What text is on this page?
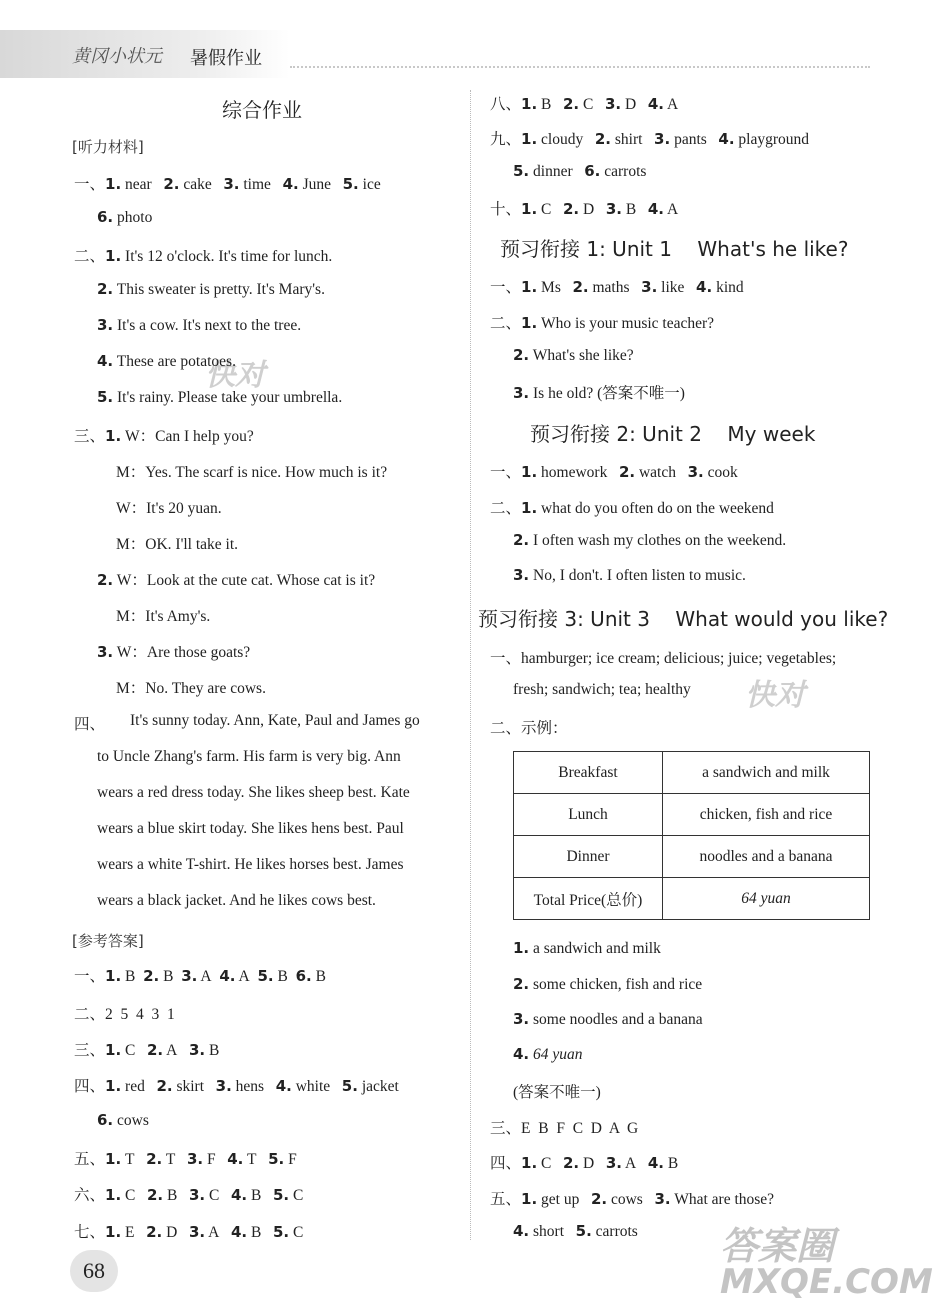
黄冈小状元 暑假作业
快对
快对
答案圈
MXQE.COM
综合作业
[听力材料]
一、1. near 2. cake 3. time 4. June 5. ice
6. photo
二、1. It's 12 o'clock. It's time for lunch.
2. This sweater is pretty. It's Mary's.
3. It's a cow. It's next to the tree.
4. These are potatoes.
5. It's rainy. Please take your umbrella.
三、1. W：Can I help you?
M：Yes. The scarf is nice. How much is it?
W：It's 20 yuan.
M：OK. I'll take it.
2. W：Look at the cute cat. Whose cat is it?
M：It's Amy's.
3. W：Are those goats?
M：No. They are cows.
四、 It's sunny today. Ann, Kate, Paul and James go
to Uncle Zhang's farm. His farm is very big. Ann
wears a red dress today. She likes sheep best. Kate
wears a blue skirt today. She likes hens best. Paul
wears a white T-shirt. He likes horses best. James
wears a black jacket. And he likes cows best.
[参考答案]
一、1. B 2. B 3. A 4. A 5. B 6. B
二、2  5  4  3  1
三、1. C 2. A 3. B
四、1. red 2. skirt 3. hens 4. white 5. jacket
6. cows
五、1. T 2. T 3. F 4. T 5. F
六、1. C 2. B 3. C 4. B 5. C
七、1. E 2. D 3. A 4. B 5. C
68
八、1. B 2. C 3. D 4. A
九、1. cloudy 2. shirt 3. pants 4. playground
5. dinner 6. carrots
十、1. C 2. D 3. B 4. A
预习衔接 1: Unit 1    What's he like?
一、1. Ms 2. maths 3. like 4. kind
二、1. Who is your music teacher?
2. What's she like?
3. Is he old? (答案不唯一)
预习衔接 2: Unit 2    My week
一、1. homework 2. watch 3. cook
二、1. what do you often do on the weekend
2. I often wash my clothes on the weekend.
3. No, I don't. I often listen to music.
预习衔接 3: Unit 3    What would you like?
一、hamburger; ice cream; delicious; juice; vegetables;
fresh; sandwich; tea; healthy
二、示例：
Breakfast	a sandwich and milk
Lunch	chicken, fish and rice
Dinner	noodles and a banana
Total Price(总价)	64 yuan
1. a sandwich and milk
2. some chicken, fish and rice
3. some noodles and a banana
4. 64 yuan
(答案不唯一)
三、E  B  F  C  D  A  G
四、1. C 2. D 3. A 4. B
五、1. get up 2. cows 3. What are those?
4. short 5. carrots
